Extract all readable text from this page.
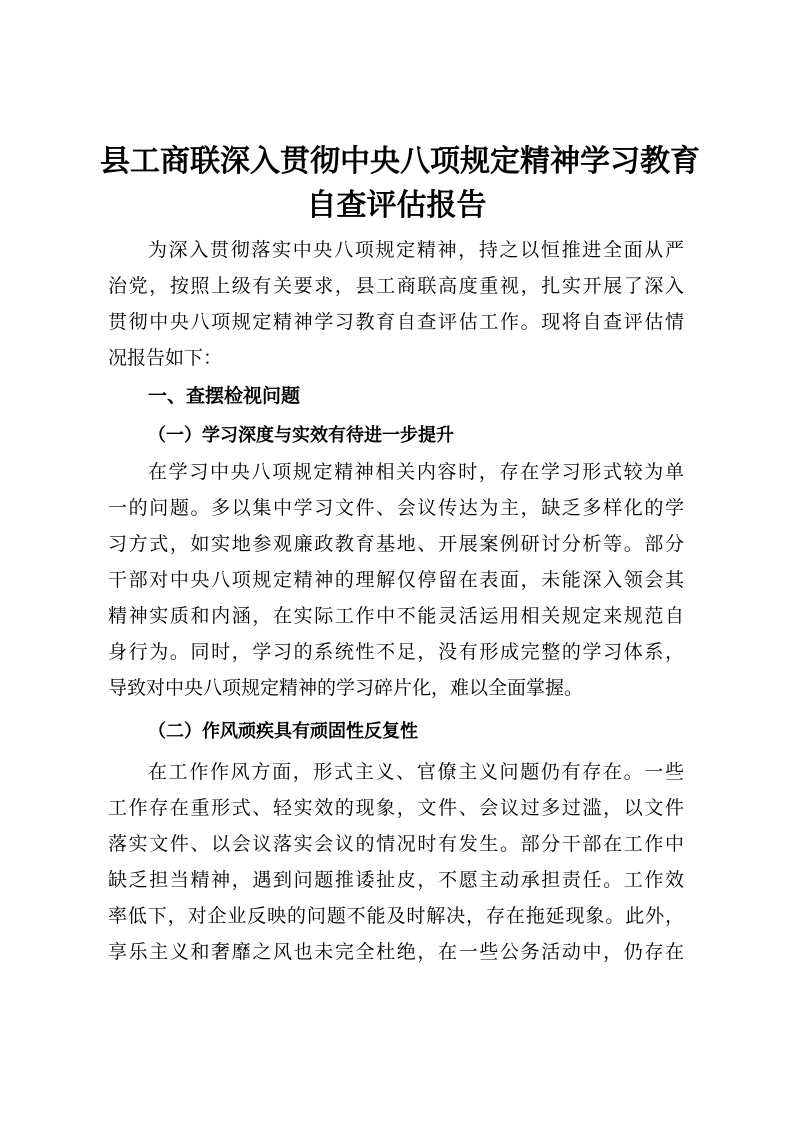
县工商联深入贯彻中央八项规定精神学习教育
自查评估报告
为深入贯彻落实中央八项规定精神，持之以恒推进全面从严
治党，按照上级有关要求，县工商联高度重视，扎实开展了深入
贯彻中央八项规定精神学习教育自查评估工作。现将自查评估情
况报告如下：
一、查摆检视问题
（一）学习深度与实效有待进一步提升
在学习中央八项规定精神相关内容时，存在学习形式较为单
一的问题。多以集中学习文件、会议传达为主，缺乏多样化的学
习方式，如实地参观廉政教育基地、开展案例研讨分析等。部分
干部对中央八项规定精神的理解仅停留在表面，未能深入领会其
精神实质和内涵，在实际工作中不能灵活运用相关规定来规范自
身行为。同时，学习的系统性不足，没有形成完整的学习体系，
导致对中央八项规定精神的学习碎片化，难以全面掌握。
（二）作风顽疾具有顽固性反复性
在工作作风方面，形式主义、官僚主义问题仍有存在。一些
工作存在重形式、轻实效的现象，文件、会议过多过滥，以文件
落实文件、以会议落实会议的情况时有发生。部分干部在工作中
缺乏担当精神，遇到问题推诿扯皮，不愿主动承担责任。工作效
率低下，对企业反映的问题不能及时解决，存在拖延现象。此外，
享乐主义和奢靡之风也未完全杜绝，在一些公务活动中，仍存在
